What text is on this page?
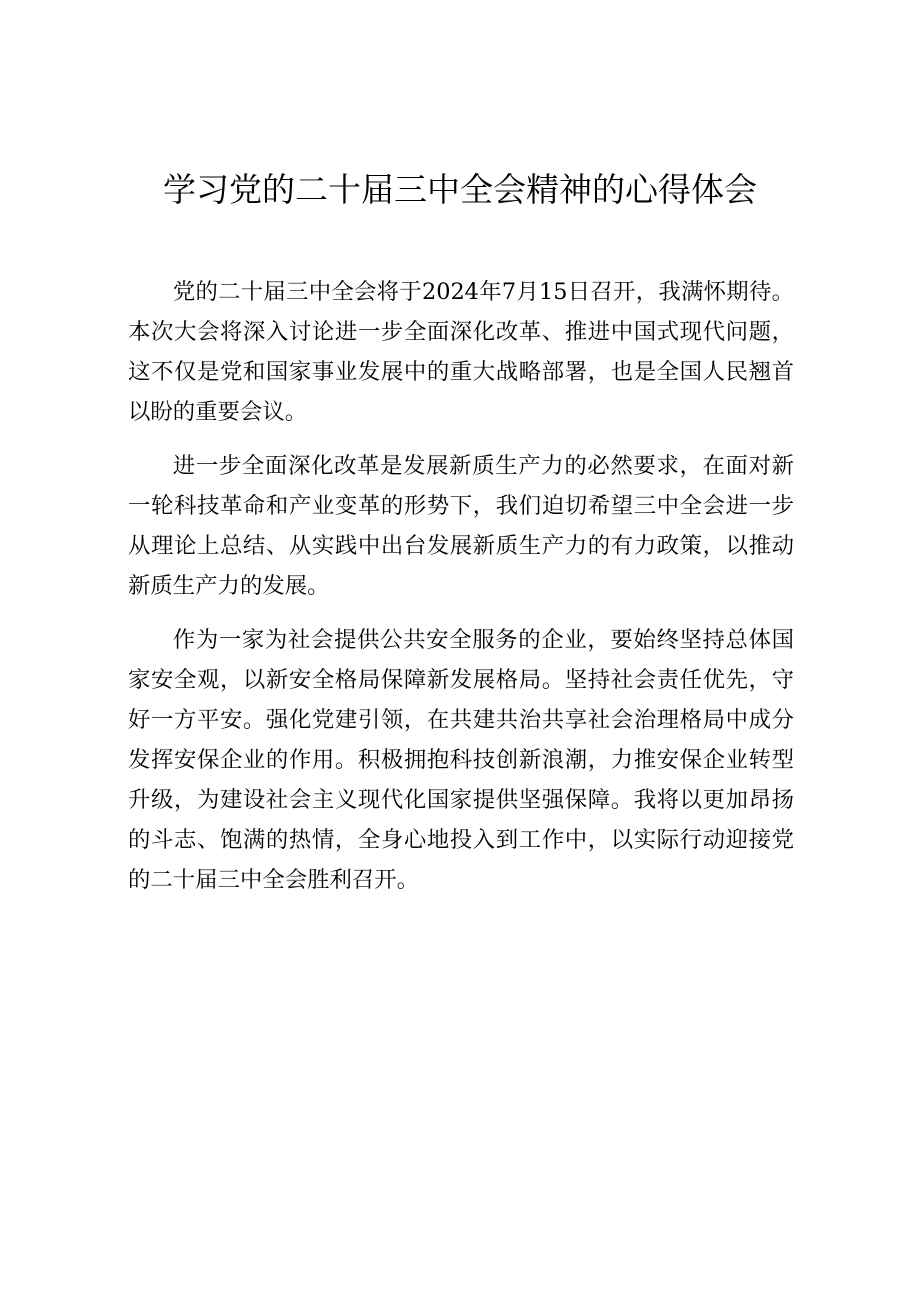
学习党的二十届三中全会精神的心得体会

党的二十届三中全会将于2024年7月15日召开，我满怀期待。本次大会将深入讨论进一步全面深化改革、推进中国式现代问题，这不仅是党和国家事业发展中的重大战略部署，也是全国人民翘首以盼的重要会议。

进一步全面深化改革是发展新质生产力的必然要求，在面对新一轮科技革命和产业变革的形势下，我们迫切希望三中全会进一步从理论上总结、从实践中出台发展新质生产力的有力政策，以推动新质生产力的发展。

作为一家为社会提供公共安全服务的企业，要始终坚持总体国家安全观，以新安全格局保障新发展格局。坚持社会责任优先，守好一方平安。强化党建引领，在共建共治共享社会治理格局中成分发挥安保企业的作用。积极拥抱科技创新浪潮，力推安保企业转型升级，为建设社会主义现代化国家提供坚强保障。我将以更加昂扬的斗志、饱满的热情，全身心地投入到工作中，以实际行动迎接党的二十届三中全会胜利召开。
